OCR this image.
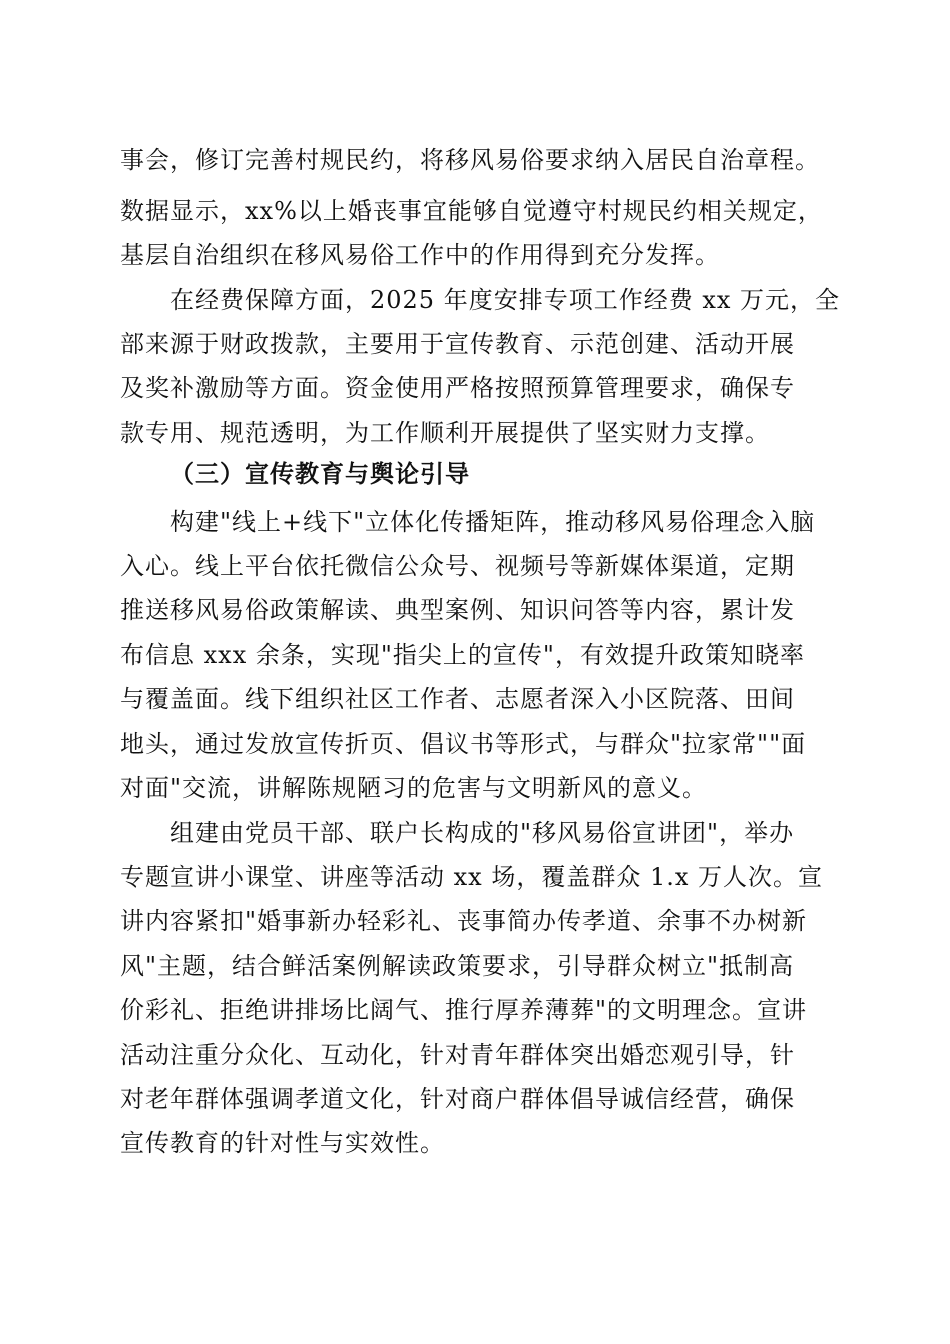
事会，修订完善村规民约，将移风易俗要求纳入居民自治章程。

数据显示，xx%以上婚丧事宜能够自觉遵守村规民约相关规定，

基层自治组织在移风易俗工作中的作用得到充分发挥。

在经费保障方面，2025 年度安排专项工作经费 xx 万元，全

部来源于财政拨款，主要用于宣传教育、示范创建、活动开展

及奖补激励等方面。资金使用严格按照预算管理要求，确保专

款专用、规范透明，为工作顺利开展提供了坚实财力支撑。

（三）宣传教育与舆论引导

构建"线上+线下"立体化传播矩阵，推动移风易俗理念入脑

入心。线上平台依托微信公众号、视频号等新媒体渠道，定期

推送移风易俗政策解读、典型案例、知识问答等内容，累计发

布信息 xxx 余条，实现"指尖上的宣传"，有效提升政策知晓率

与覆盖面。线下组织社区工作者、志愿者深入小区院落、田间

地头，通过发放宣传折页、倡议书等形式，与群众"拉家常""面

对面"交流，讲解陈规陋习的危害与文明新风的意义。

组建由党员干部、联户长构成的"移风易俗宣讲团"，举办

专题宣讲小课堂、讲座等活动 xx 场，覆盖群众 1.x 万人次。宣

讲内容紧扣"婚事新办轻彩礼、丧事简办传孝道、余事不办树新

风"主题，结合鲜活案例解读政策要求，引导群众树立"抵制高

价彩礼、拒绝讲排场比阔气、推行厚养薄葬"的文明理念。宣讲

活动注重分众化、互动化，针对青年群体突出婚恋观引导，针

对老年群体强调孝道文化，针对商户群体倡导诚信经营，确保

宣传教育的针对性与实效性。
